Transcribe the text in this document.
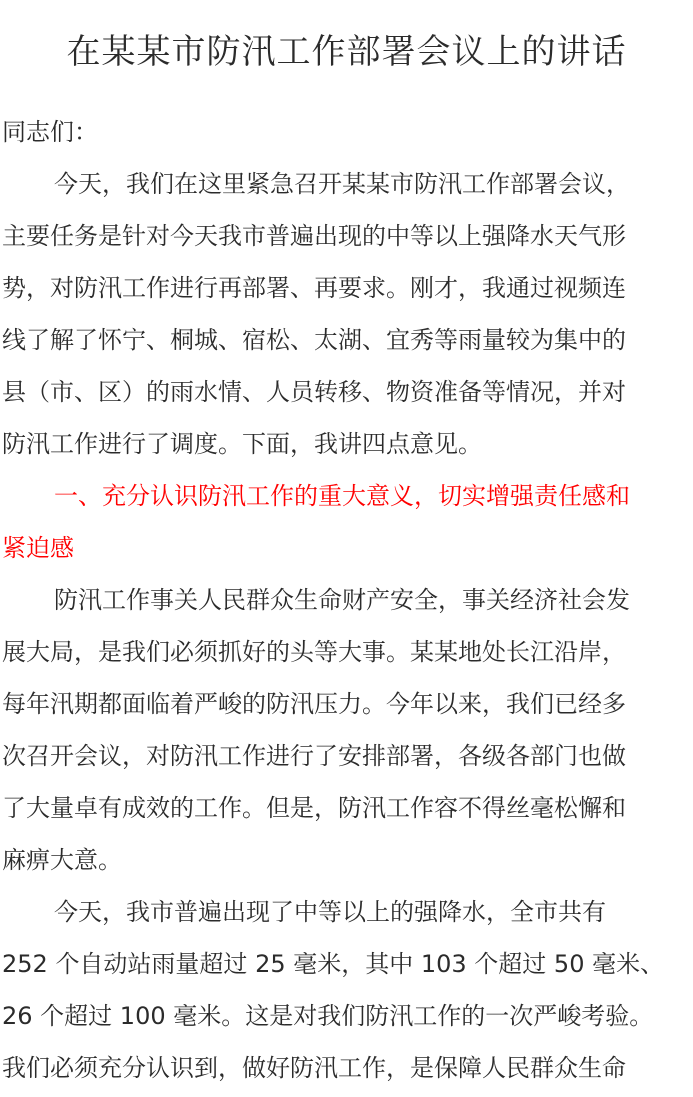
在某某市防汛工作部署会议上的讲话
同志们：
今天，我们在这里紧急召开某某市防汛工作部署会议，
主要任务是针对今天我市普遍出现的中等以上强降水天气形
势，对防汛工作进行再部署、再要求。刚才，我通过视频连
线了解了怀宁、桐城、宿松、太湖、宜秀等雨量较为集中的
县（市、区）的雨水情、人员转移、物资准备等情况，并对
防汛工作进行了调度。下面，我讲四点意见。
一、充分认识防汛工作的重大意义，切实增强责任感和
紧迫感
防汛工作事关人民群众生命财产安全，事关经济社会发
展大局，是我们必须抓好的头等大事。某某地处长江沿岸，
每年汛期都面临着严峻的防汛压力。今年以来，我们已经多
次召开会议，对防汛工作进行了安排部署，各级各部门也做
了大量卓有成效的工作。但是，防汛工作容不得丝毫松懈和
麻痹大意。
今天，我市普遍出现了中等以上的强降水，全市共有
252 个自动站雨量超过 25 毫米，其中 103 个超过 50 毫米、
26 个超过 100 毫米。这是对我们防汛工作的一次严峻考验。
我们必须充分认识到，做好防汛工作，是保障人民群众生命
